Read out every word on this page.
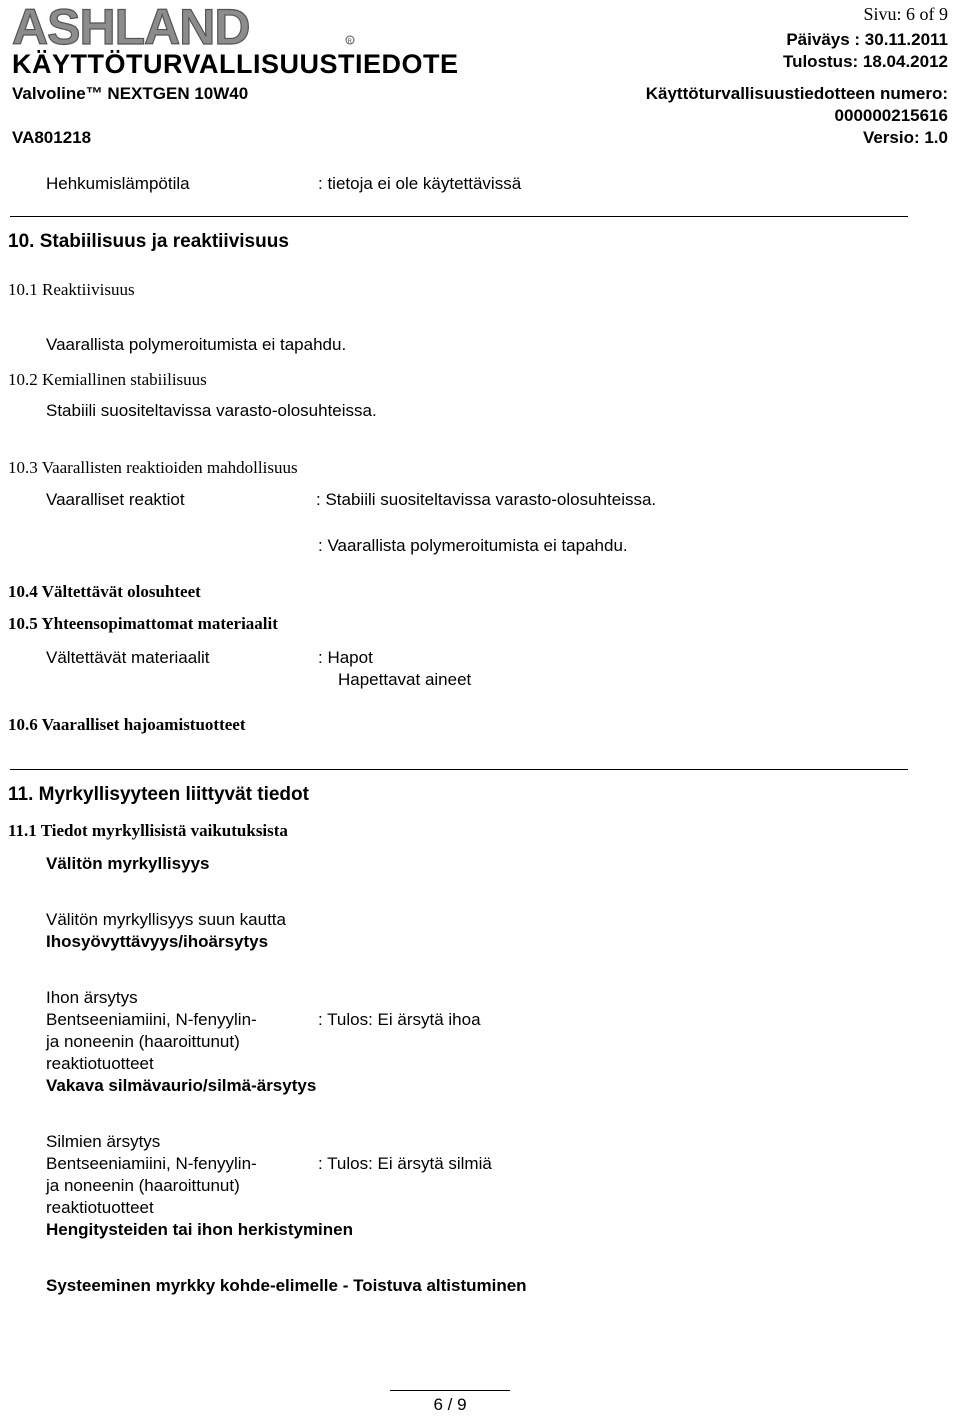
ASHLAND	R
Sivu: 6 of 9
KÄYTTÖTURVALLISUUSTIEDOTE
Päiväys : 30.11.2011
Tulostus: 18.04.2012
Valvoline™ NEXTGEN 10W40	Käyttöturvallisuustiedotteen numero:
000000215616
VA801218	Versio: 1.0
Hehkumislämpötila	: tietoja ei ole käytettävissä
10. Stabiilisuus ja reaktiivisuus
10.1 Reaktiivisuus
Vaarallista polymeroitumista ei tapahdu.
10.2 Kemiallinen stabiilisuus
Stabiili suositeltavissa varasto-olosuhteissa.
10.3 Vaarallisten reaktioiden mahdollisuus
Vaaralliset reaktiot	: Stabiili suositeltavissa varasto-olosuhteissa.
: Vaarallista polymeroitumista ei tapahdu.
10.4 Vältettävät olosuhteet
10.5 Yhteensopimattomat materiaalit
Vältettävät materiaalit	: Hapot
Hapettavat aineet
10.6 Vaaralliset hajoamistuotteet
11. Myrkyllisyyteen liittyvät tiedot
11.1 Tiedot myrkyllisistä vaikutuksista
Välitön myrkyllisyys
Välitön myrkyllisyys suun kautta
Ihosyövyttävyys/ihoärsytys
Ihon ärsytys
Bentseeniamiini, N-fenyylin-	: Tulos: Ei ärsytä ihoa
ja noneenin (haaroittunut)
reaktiotuotteet
Vakava silmävaurio/silmä-ärsytys
Silmien ärsytys
Bentseeniamiini, N-fenyylin-	: Tulos: Ei ärsytä silmiä
ja noneenin (haaroittunut)
reaktiotuotteet
Hengitysteiden tai ihon herkistyminen
Systeeminen myrkky kohde-elimelle - Toistuva altistuminen
6 / 9
